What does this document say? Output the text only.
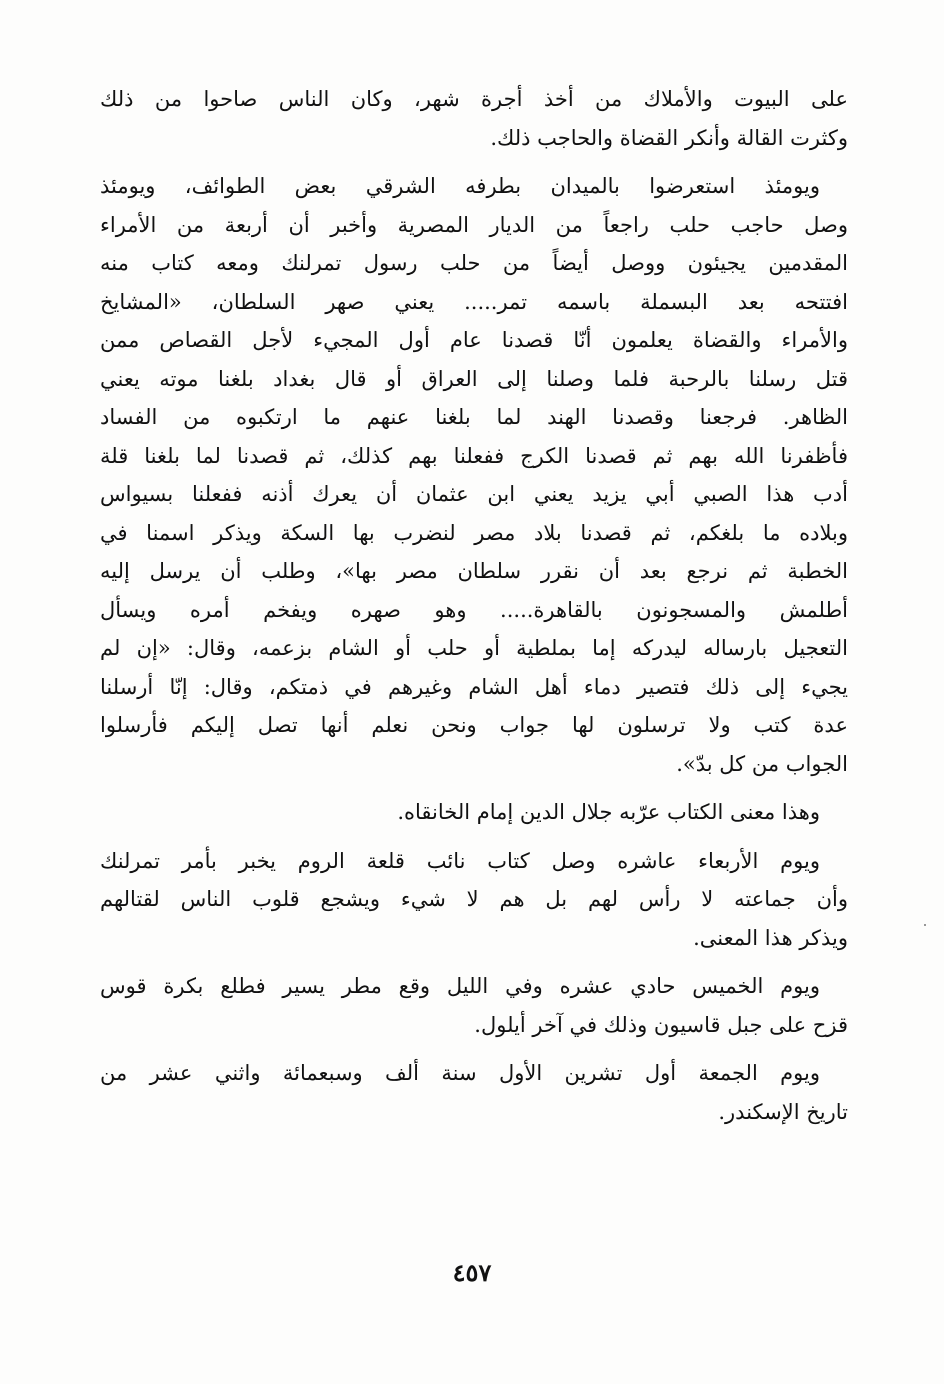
على البيوت والأملاك من أخذ أجرة شهر، وكان الناس صاحوا من ذلك
وكثرت القالة وأنكر القضاة والحاجب ذلك.
ويومئذ استعرضوا بالميدان بطرفه الشرقي بعض الطوائف، ويومئذ
وصل حاجب حلب راجعاً من الديار المصرية وأخبر أن أربعة من الأمراء
المقدمين يجيئون ووصل أيضاً من حلب رسول تمرلنك ومعه كتاب منه
افتتحه بعد البسملة باسمه تمر..... يعني صهر السلطان، «المشايخ
والأمراء والقضاة يعلمون أنّا قصدنا عام أول المجيء لأجل القصاص ممن
قتل رسلنا بالرحبة فلما وصلنا إلى العراق أو قال بغداد بلغنا موته يعني
الظاهر. فرجعنا وقصدنا الهند لما بلغنا عنهم ما ارتكبوه من الفساد
فأظفرنا الله بهم ثم قصدنا الكرج ففعلنا بهم كذلك، ثم قصدنا لما بلغنا قلة
أدب هذا الصبي أبي يزيد يعني ابن عثمان أن يعرك أذنه ففعلنا بسيواس
وبلاده ما بلغكم، ثم قصدنا بلاد مصر لنضرب بها السكة ويذكر اسمنا في
الخطبة ثم نرجع بعد أن نقرر سلطان مصر بها»، وطلب أن يرسل إليه
أطلمش والمسجونون بالقاهرة..... وهو صهره ويفخم أمره ويسأل
التعجيل بارساله ليدركه إما بملطية أو حلب أو الشام بزعمه، وقال: «إن لم
يجيء إلى ذلك فتصير دماء أهل الشام وغيرهم في ذمتكم، وقال: إنّا أرسلنا
عدة كتب ولا ترسلون لها جواب ونحن نعلم أنها تصل إليكم فأرسلوا
الجواب من كل بدّ».
وهذا معنى الكتاب عرّبه جلال الدين إمام الخانقاه.
ويوم الأربعاء عاشره وصل كتاب نائب قلعة الروم يخبر بأمر تمرلنك
وأن جماعته لا رأس لهم بل هم لا شيء ويشجع قلوب الناس لقتالهم
ويذكر هذا المعنى.
ويوم الخميس حادي عشره وفي الليل وقع مطر يسير فطلع بكرة قوس
قزح على جبل قاسيون وذلك في آخر أيلول.
ويوم الجمعة أول تشرين الأول سنة ألف وسبعمائة واثني عشر من
تاريخ الإسكندر.
٤٥٧
